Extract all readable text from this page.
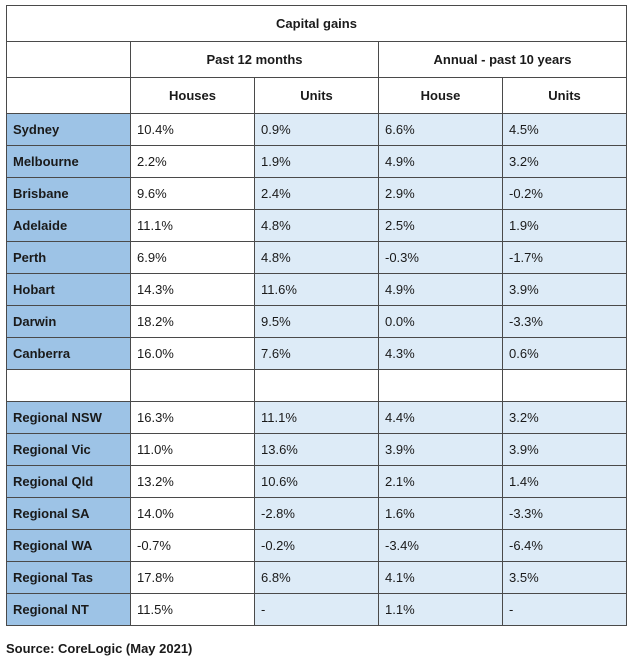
Capital gains				
	Past 12 months		Annual - past 10 years	
	Houses	Units	House	Units
Sydney	10.4%	0.9%	6.6%	4.5%
Melbourne	2.2%	1.9%	4.9%	3.2%
Brisbane	9.6%	2.4%	2.9%	-0.2%
Adelaide	11.1%	4.8%	2.5%	1.9%
Perth	6.9%	4.8%	-0.3%	-1.7%
Hobart	14.3%	11.6%	4.9%	3.9%
Darwin	18.2%	9.5%	0.0%	-3.3%
Canberra	16.0%	7.6%	4.3%	0.6%

Regional NSW	16.3%	11.1%	4.4%	3.2%
Regional Vic	11.0%	13.6%	3.9%	3.9%
Regional Qld	13.2%	10.6%	2.1%	1.4%
Regional SA	14.0%	-2.8%	1.6%	-3.3%
Regional WA	-0.7%	-0.2%	-3.4%	-6.4%
Regional Tas	17.8%	6.8%	4.1%	3.5%
Regional NT	11.5%	-	1.1%	-
Source: CoreLogic (May 2021)
